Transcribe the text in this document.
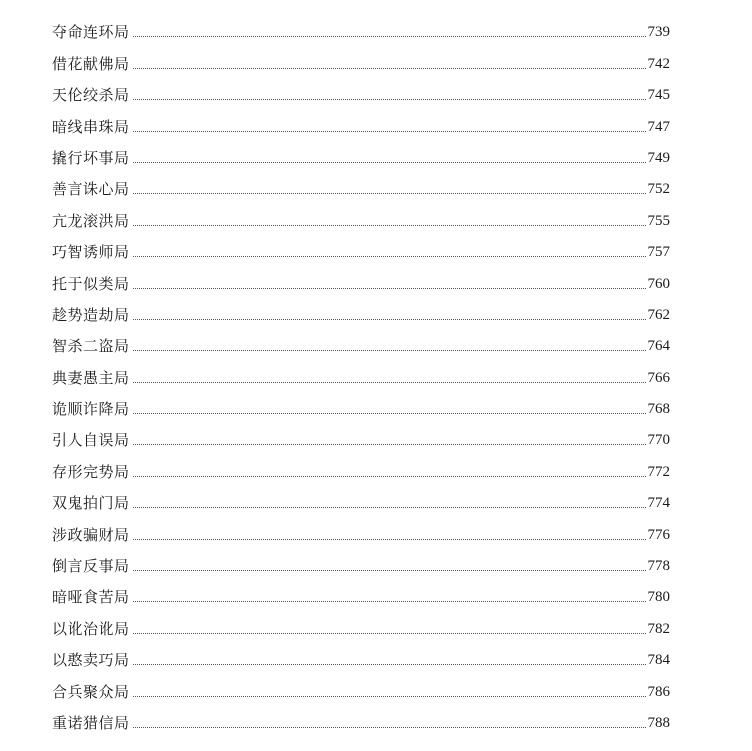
夺命连环局	739
借花献佛局	742
天伦绞杀局	745
暗线串珠局	747
撬行坏事局	749
善言诛心局	752
亢龙滚洪局	755
巧智诱师局	757
托于似类局	760
趁势造劫局	762
智杀二盗局	764
典妻愚主局	766
诡顺诈降局	768
引人自误局	770
存形完势局	772
双鬼拍门局	774
涉政骗财局	776
倒言反事局	778
暗哑食苦局	780
以讹治讹局	782
以憨卖巧局	784
合兵聚众局	786
重诺猎信局	788
